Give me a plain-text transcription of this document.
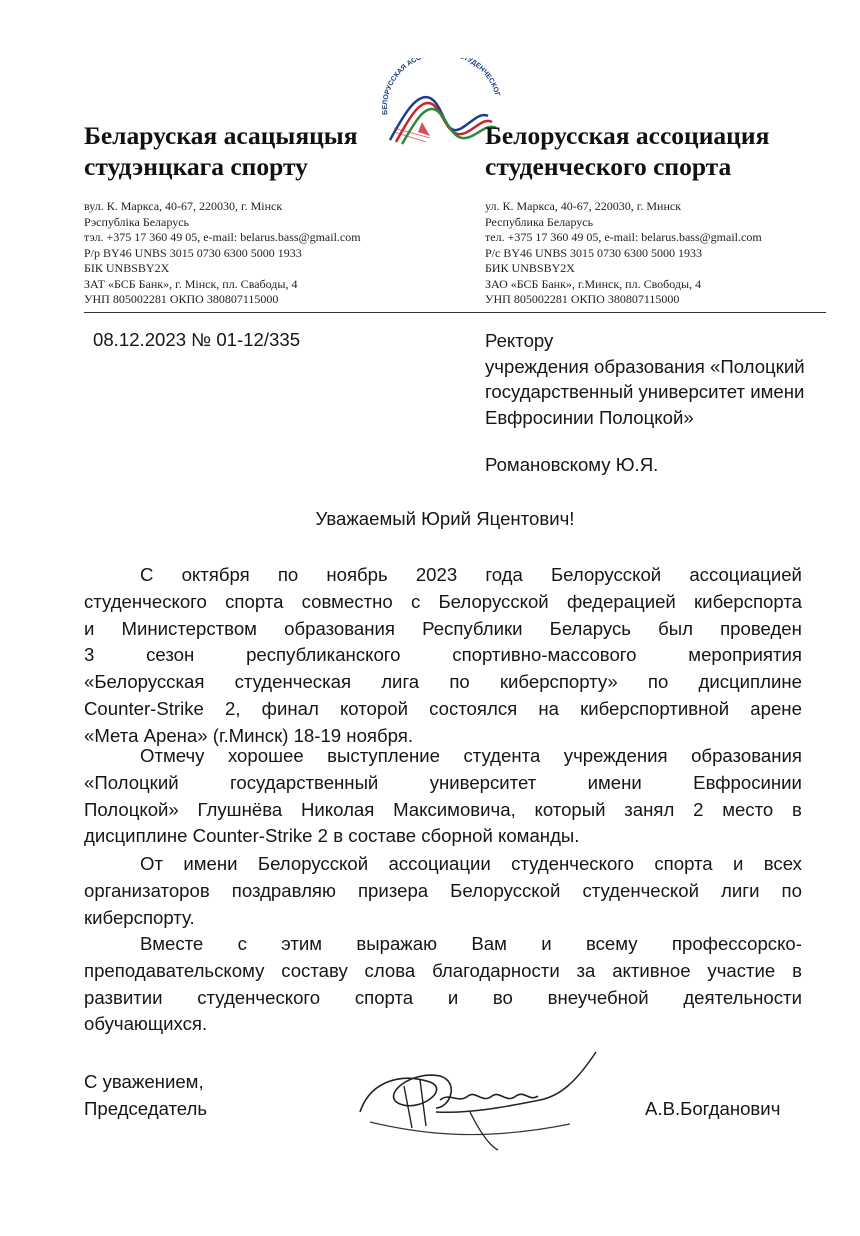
Беларуская асацыяцыя
студэнцкага спорту
вул. К. Маркса, 40-67, 220030, г. Мінск
Рэспубліка Беларусь
тэл. +375 17 360 49 05, e-mail: belarus.bass@gmail.com
Р/р BY46 UNBS 3015 0730 6300 5000 1933
БІК UNBSBY2X
ЗАТ «БСБ Банк», г. Мінск, пл. Свабоды, 4
УНП 805002281 ОКПО 380807115000
БЕЛОРУССКАЯ АСС ТУДЕНЧЕСКОГ
Белорусская ассоциация
студенческого спорта
ул. К. Маркса, 40-67, 220030, г. Минск
Республика Беларусь
тел. +375 17 360 49 05, e-mail: belarus.bass@gmail.com
Р/с BY46 UNBS 3015 0730 6300 5000 1933
БИК UNBSBY2X
ЗАО «БСБ Банк», г.Минск, пл. Свободы, 4
УНП 805002281 ОКПО 380807115000
08.12.2023 № 01-12/335	Ректору
учреждения образования «Полоцкий
государственный университет имени
Евфросинии Полоцкой»
Романовскому Ю.Я.
Уважаемый Юрий Яцентович!
С октября по ноябрь 2023 года Белорусской ассоциацией
студенческого спорта совместно с Белорусской федерацией киберспорта
и Министерством образования Республики Беларусь был проведен
3	сезон	республиканского	спортивно-массового	мероприятия
«Белорусская студенческая лига по киберспорту» по дисциплине
Counter-Strike 2, финал которой состоялся на киберспортивной арене
«Мета Арена» (г.Минск) 18-19 ноября.
Отмечу хорошее выступление студента учреждения образования
«Полоцкий	государственный	университет	имени	Евфросинии
Полоцкой» Глушнёва Николая Максимовича, который занял 2 место в
дисциплине Counter-Strike 2 в составе сборной команды.
От имени Белорусской ассоциации студенческого спорта и всех
организаторов поздравляю призера Белорусской студенческой лиги по
киберспорту.
Вместе с этим выражаю Вам и всему профессорско-
преподавательскому составу слова благодарности за активное участие в
развитии студенческого спорта и во внеучебной деятельности
обучающихся.
С уважением,
Председатель	А.В.Богданович
